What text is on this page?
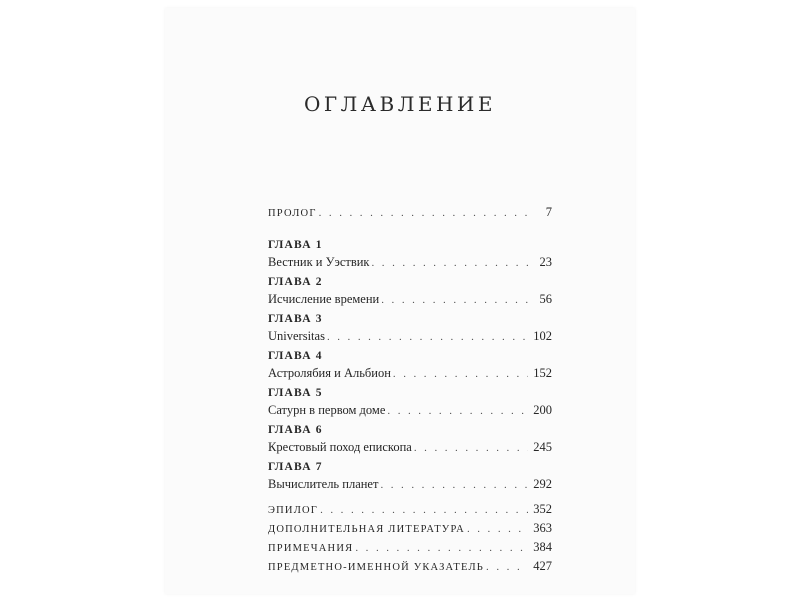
ОГЛАВЛЕНИЕ
ПРОЛОГ . . .	7
ГЛАВА 1
Вестник и Уэствик . . .	23
ГЛАВА 2
Исчисление времени . . .	56
ГЛАВА 3
Universitas . . .	102
ГЛАВА 4
Астролябия и Альбион . . .	152
ГЛАВА 5
Сатурн в первом доме . . .	200
ГЛАВА 6
Крестовый поход епископа . . .	245
ГЛАВА 7
Вычислитель планет . . .	292
ЭПИЛОГ . . .	352
ДОПОЛНИТЕЛЬНАЯ ЛИТЕРАТУРА . . .	363
ПРИМЕЧАНИЯ . . .	384
ПРЕДМЕТНО-ИМЕННОЙ УКАЗАТЕЛЬ . . .	427
